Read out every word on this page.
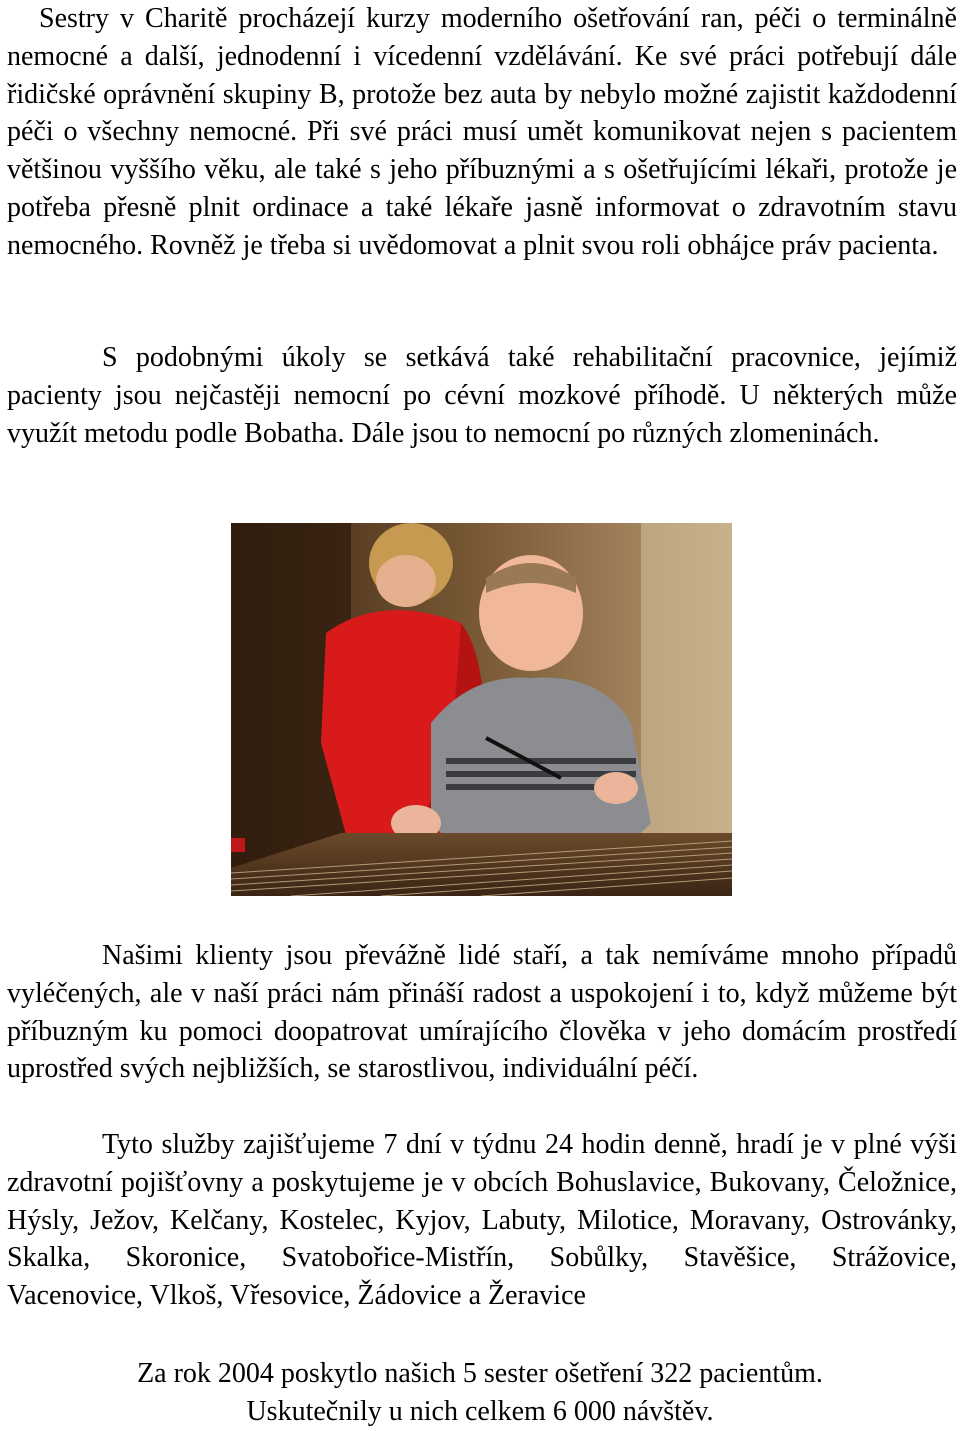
Sestry v Charitě procházejí kurzy moderního ošetřování ran, péči o terminálně nemocné a další, jednodenní i vícedenní vzdělávání. Ke své práci potřebují dále řidičské oprávnění skupiny B, protože bez auta by nebylo možné zajistit každodenní péči o všechny nemocné. Při své práci musí umět komunikovat nejen s pacientem většinou vyššího věku, ale také s jeho příbuznými a s ošetřujícími lékaři, protože je potřeba přesně plnit ordinace a také lékaře jasně informovat o zdravotním stavu nemocného. Rovněž je třeba si uvědomovat a plnit svou roli obhájce práv pacienta.

S podobnými úkoly se setkává také rehabilitační pracovnice, jejímiž pacienty jsou nejčastěji nemocní po cévní mozkové příhodě. U některých může využít metodu podle Bobatha. Dále jsou to nemocní po různých zlomeninách.

Našimi klienty jsou převážně lidé staří, a tak nemíváme mnoho případů vyléčených, ale v naší práci nám přináší radost a uspokojení i to, když můžeme být příbuzným ku pomoci doopatrovat umírajícího člověka v jeho domácím prostředí uprostřed svých nejbližších, se starostlivou, individuální péčí.

Tyto služby zajišťujeme 7 dní v týdnu 24 hodin denně, hradí je v plné výši zdravotní pojišťovny a poskytujeme je v obcích Bohuslavice, Bukovany, Čeložnice, Hýsly, Ježov, Kelčany, Kostelec, Kyjov, Labuty, Milotice, Moravany, Ostrovánky, Skalka, Skoronice, Svatobořice-Mistřín, Sobůlky, Stavěšice, Strážovice, Vacenovice, Vlkoš, Vřesovice, Žádovice a Žeravice

Za rok 2004 poskytlo našich 5 sester ošetření 322 pacientům.

Uskutečnily u nich celkem 6 000 návštěv.
